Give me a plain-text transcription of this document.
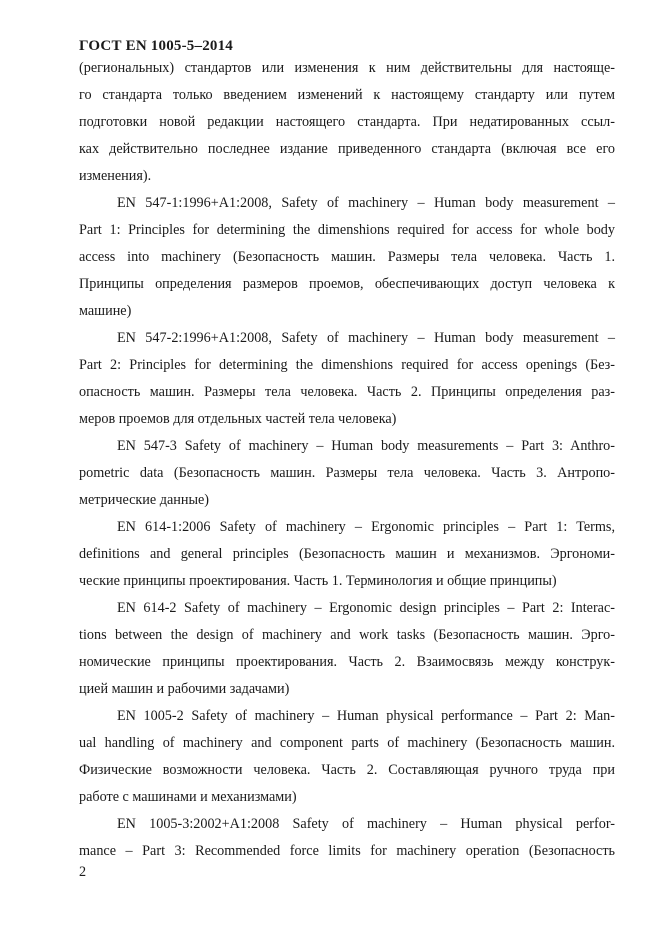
ГОСТ EN 1005-5–2014
(региональных) стандартов или изменения к ним действительны для настояще-
го стандарта только введением изменений к настоящему стандарту или путем
подготовки новой редакции настоящего стандарта. При недатированных ссыл-
ках действительно последнее издание приведенного стандарта (включая все его
изменения).
EN 547-1:1996+A1:2008, Safety of machinery – Human body measurement –
Part 1: Principles for determining the dimenshions required for access for whole body
access into machinery (Безопасность машин. Размеры тела человека. Часть 1.
Принципы определения размеров проемов, обеспечивающих доступ человека к
машине)
EN 547-2:1996+A1:2008, Safety of machinery – Human body measurement –
Part 2: Principles for determining the dimenshions required for access openings (Без-
опасность машин. Размеры тела человека. Часть 2. Принципы определения раз-
меров проемов для отдельных частей тела человека)
EN 547-3 Safety of machinery – Human body measurements – Part 3: Anthro-
pometric data (Безопасность машин. Размеры тела человека. Часть 3. Антропо-
метрические данные)
EN 614-1:2006 Safety of machinery – Ergonomic principles – Part 1: Terms,
definitions and general principles (Безопасность машин и механизмов. Эргономи-
ческие принципы проектирования. Часть 1. Терминология и общие принципы)
EN 614-2 Safety of machinery – Ergonomic design principles – Part 2: Interac-
tions between the design of machinery and work tasks (Безопасность машин. Эрго-
номические принципы проектирования. Часть 2. Взаимосвязь между конструк-
цией машин и рабочими задачами)
EN 1005-2 Safety of machinery – Human physical performance – Part 2: Man-
ual handling of machinery and component parts of machinery (Безопасность машин.
Физические возможности человека. Часть 2. Составляющая ручного труда при
работе с машинами и механизмами)
EN 1005-3:2002+A1:2008 Safety of machinery – Human physical perfor-
mance – Part 3: Recommended force limits for machinery operation (Безопасность
2
